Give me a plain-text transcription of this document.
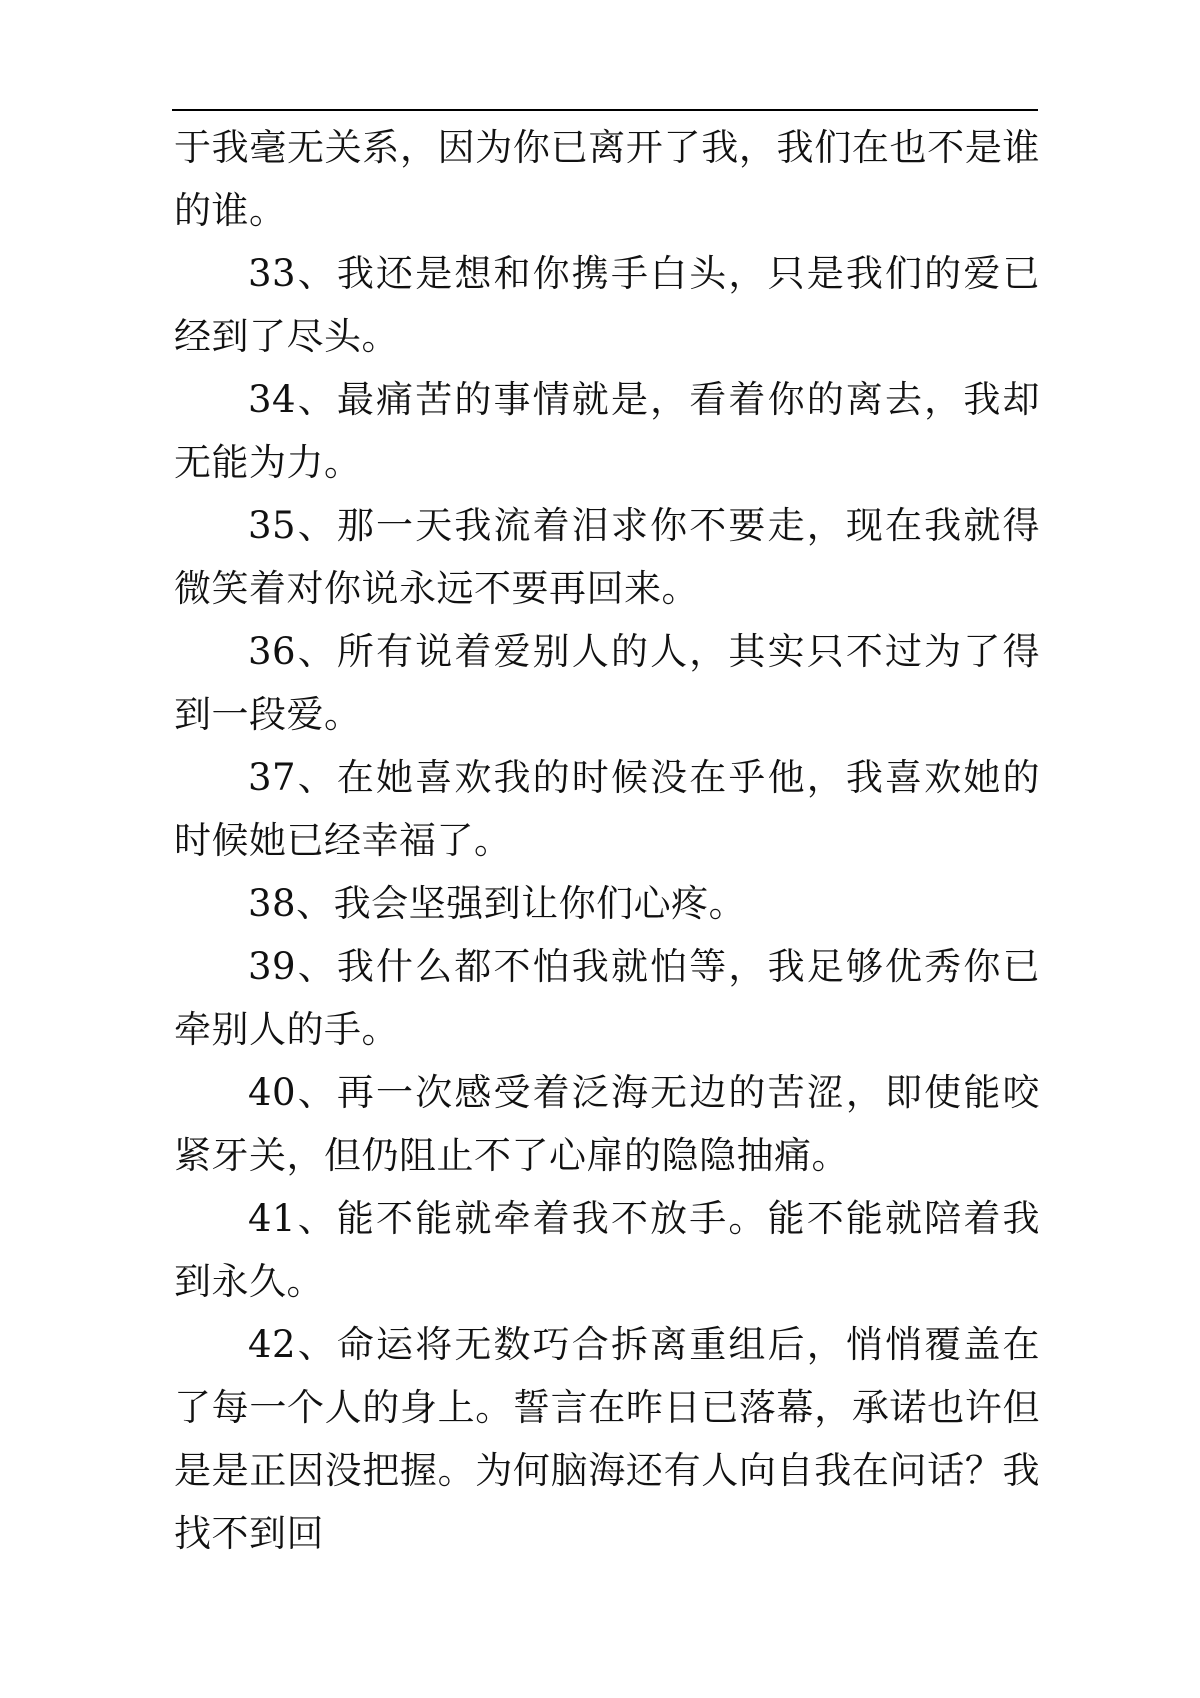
于我毫无关系，因为你已离开了我，我们在也不是谁的谁。

33、我还是想和你携手白头，只是我们的爱已经到了尽头。

34、最痛苦的事情就是，看着你的离去，我却无能为力。

35、那一天我流着泪求你不要走，现在我就得微笑着对你说永远不要再回来。

36、所有说着爱别人的人，其实只不过为了得到一段爱。

37、在她喜欢我的时候没在乎他，我喜欢她的时候她已经幸福了。

38、我会坚强到让你们心疼。

39、我什么都不怕我就怕等，我足够优秀你已牵别人的手。

40、再一次感受着泛海无边的苦涩，即使能咬紧牙关，但仍阻止不了心扉的隐隐抽痛。

41、能不能就牵着我不放手。能不能就陪着我到永久。

42、命运将无数巧合拆离重组后，悄悄覆盖在了每一个人的身上。誓言在昨日已落幕，承诺也许但是是正因没把握。为何脑海还有人向自我在问话？我找不到回
